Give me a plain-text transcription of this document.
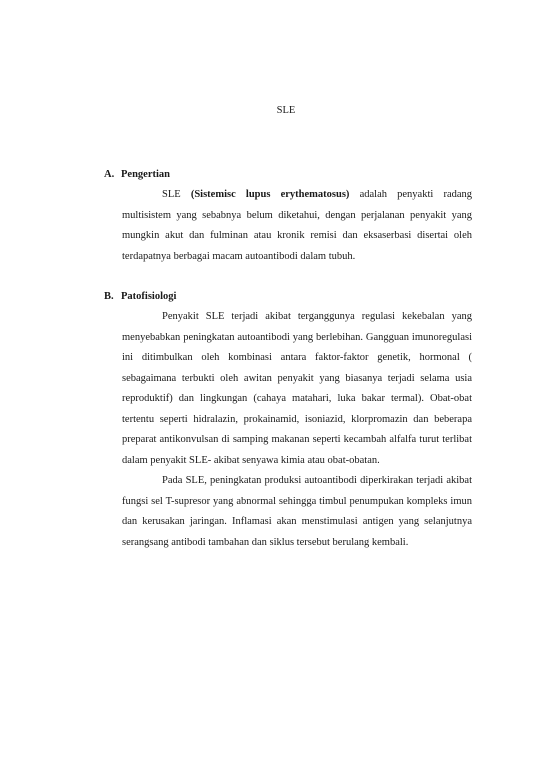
SLE

A. Pengertian

SLE (Sistemisc lupus erythematosus) adalah penyakti radang multisistem yang sebabnya belum diketahui, dengan perjalanan penyakit yang mungkin akut dan fulminan atau kronik remisi dan eksaserbasi disertai oleh terdapatnya berbagai macam autoantibodi dalam tubuh.

B. Patofisiologi

Penyakit SLE terjadi akibat terganggunya regulasi kekebalan yang menyebabkan peningkatan autoantibodi yang berlebihan. Gangguan imunoregulasi ini ditimbulkan oleh kombinasi antara faktor-faktor genetik, hormonal ( sebagaimana terbukti oleh awitan penyakit yang biasanya terjadi selama usia reproduktif) dan lingkungan (cahaya matahari, luka bakar termal). Obat-obat tertentu seperti hidralazin, prokainamid, isoniazid, klorpromazin dan beberapa preparat antikonvulsan di samping makanan seperti kecambah alfalfa turut terlibat dalam penyakit SLE- akibat senyawa kimia atau obat-obatan.

Pada SLE, peningkatan produksi autoantibodi diperkirakan terjadi akibat fungsi sel T-supresor yang abnormal sehingga timbul penumpukan kompleks imun dan kerusakan jaringan. Inflamasi akan menstimulasi antigen yang selanjutnya serangsang antibodi tambahan dan siklus tersebut berulang kembali.
